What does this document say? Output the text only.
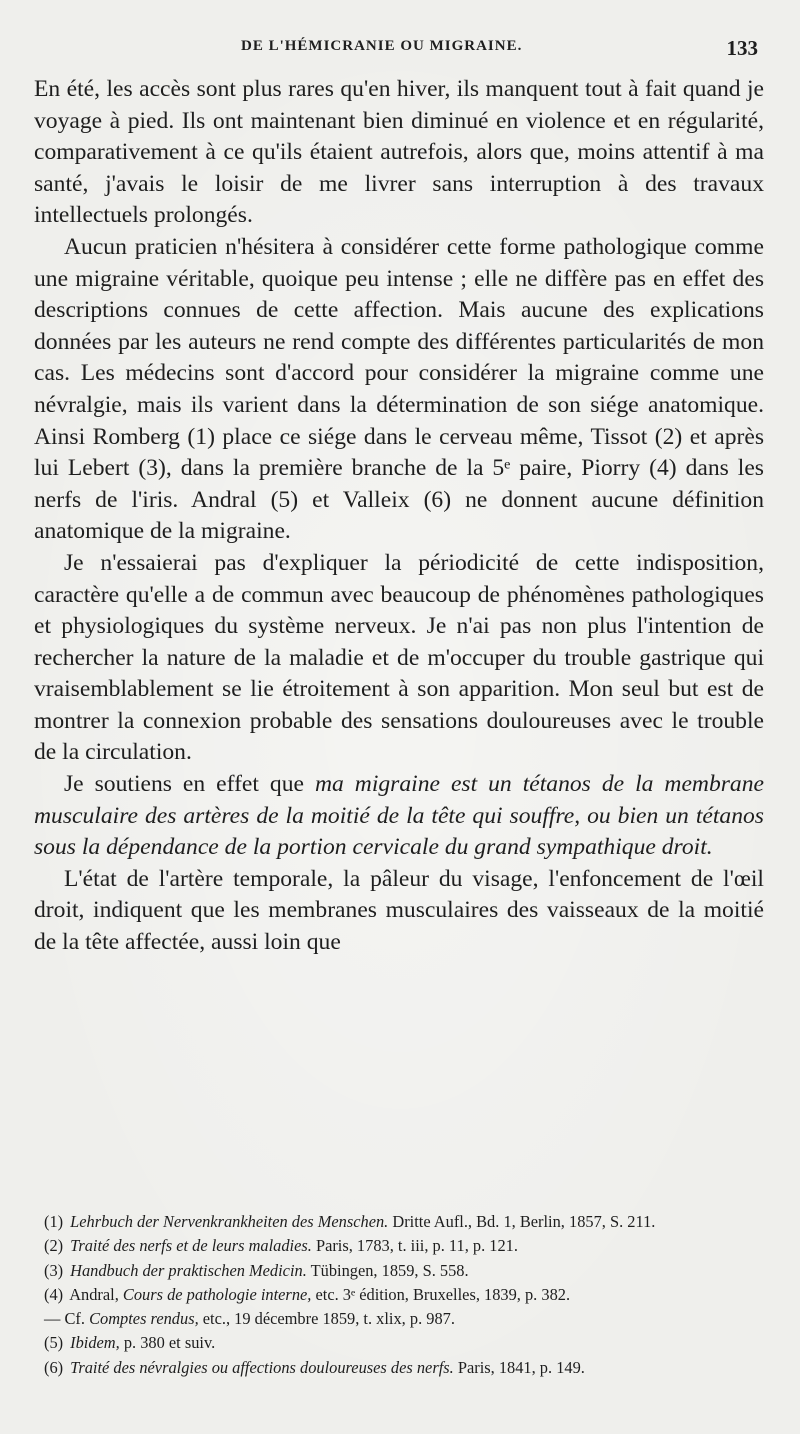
DE L'HÉMICRANIE OU MIGRAINE.	133

En été, les accès sont plus rares qu'en hiver, ils manquent tout à fait quand je voyage à pied. Ils ont maintenant bien diminué en violence et en régularité, comparativement à ce qu'ils étaient autrefois, alors que, moins attentif à ma santé, j'avais le loisir de me livrer sans interruption à des travaux intellectuels prolongés.

Aucun praticien n'hésitera à considérer cette forme pathologique comme une migraine véritable, quoique peu intense ; elle ne diffère pas en effet des descriptions connues de cette affection. Mais aucune des explications données par les auteurs ne rend compte des différentes particularités de mon cas. Les médecins sont d'accord pour considérer la migraine comme une névralgie, mais ils varient dans la détermination de son siége anatomique. Ainsi Romberg (1) place ce siége dans le cerveau même, Tissot (2) et après lui Lebert (3), dans la première branche de la 5ᵉ paire, Piorry (4) dans les nerfs de l'iris. Andral (5) et Valleix (6) ne donnent aucune définition anatomique de la migraine.

Je n'essaierai pas d'expliquer la périodicité de cette indisposition, caractère qu'elle a de commun avec beaucoup de phénomènes pathologiques et physiologiques du système nerveux. Je n'ai pas non plus l'intention de rechercher la nature de la maladie et de m'occuper du trouble gastrique qui vraisemblablement se lie étroitement à son apparition. Mon seul but est de montrer la connexion probable des sensations douloureuses avec le trouble de la circulation.

Je soutiens en effet que ma migraine est un tétanos de la membrane musculaire des artères de la moitié de la tête qui souffre, ou bien un tétanos sous la dépendance de la portion cervicale du grand sympathique droit.

L'état de l'artère temporale, la pâleur du visage, l'enfoncement de l'œil droit, indiquent que les membranes musculaires des vaisseaux de la moitié de la tête affectée, aussi loin que

(1) Lehrbuch der Nervenkrankheiten des Menschen. Dritte Aufl., Bd. 1, Berlin, 1857, S. 211.

(2) Traité des nerfs et de leurs maladies. Paris, 1783, t. iii, p. 11, p. 121.

(3) Handbuch der praktischen Medicin. Tübingen, 1859, S. 558.

(4) Andral, Cours de pathologie interne, etc. 3ᵉ édition, Bruxelles, 1839, p. 382.

— Cf. Comptes rendus, etc., 19 décembre 1859, t. xlix, p. 987.

(5) Ibidem, p. 380 et suiv.

(6) Traité des névralgies ou affections douloureuses des nerfs. Paris, 1841, p. 149.
